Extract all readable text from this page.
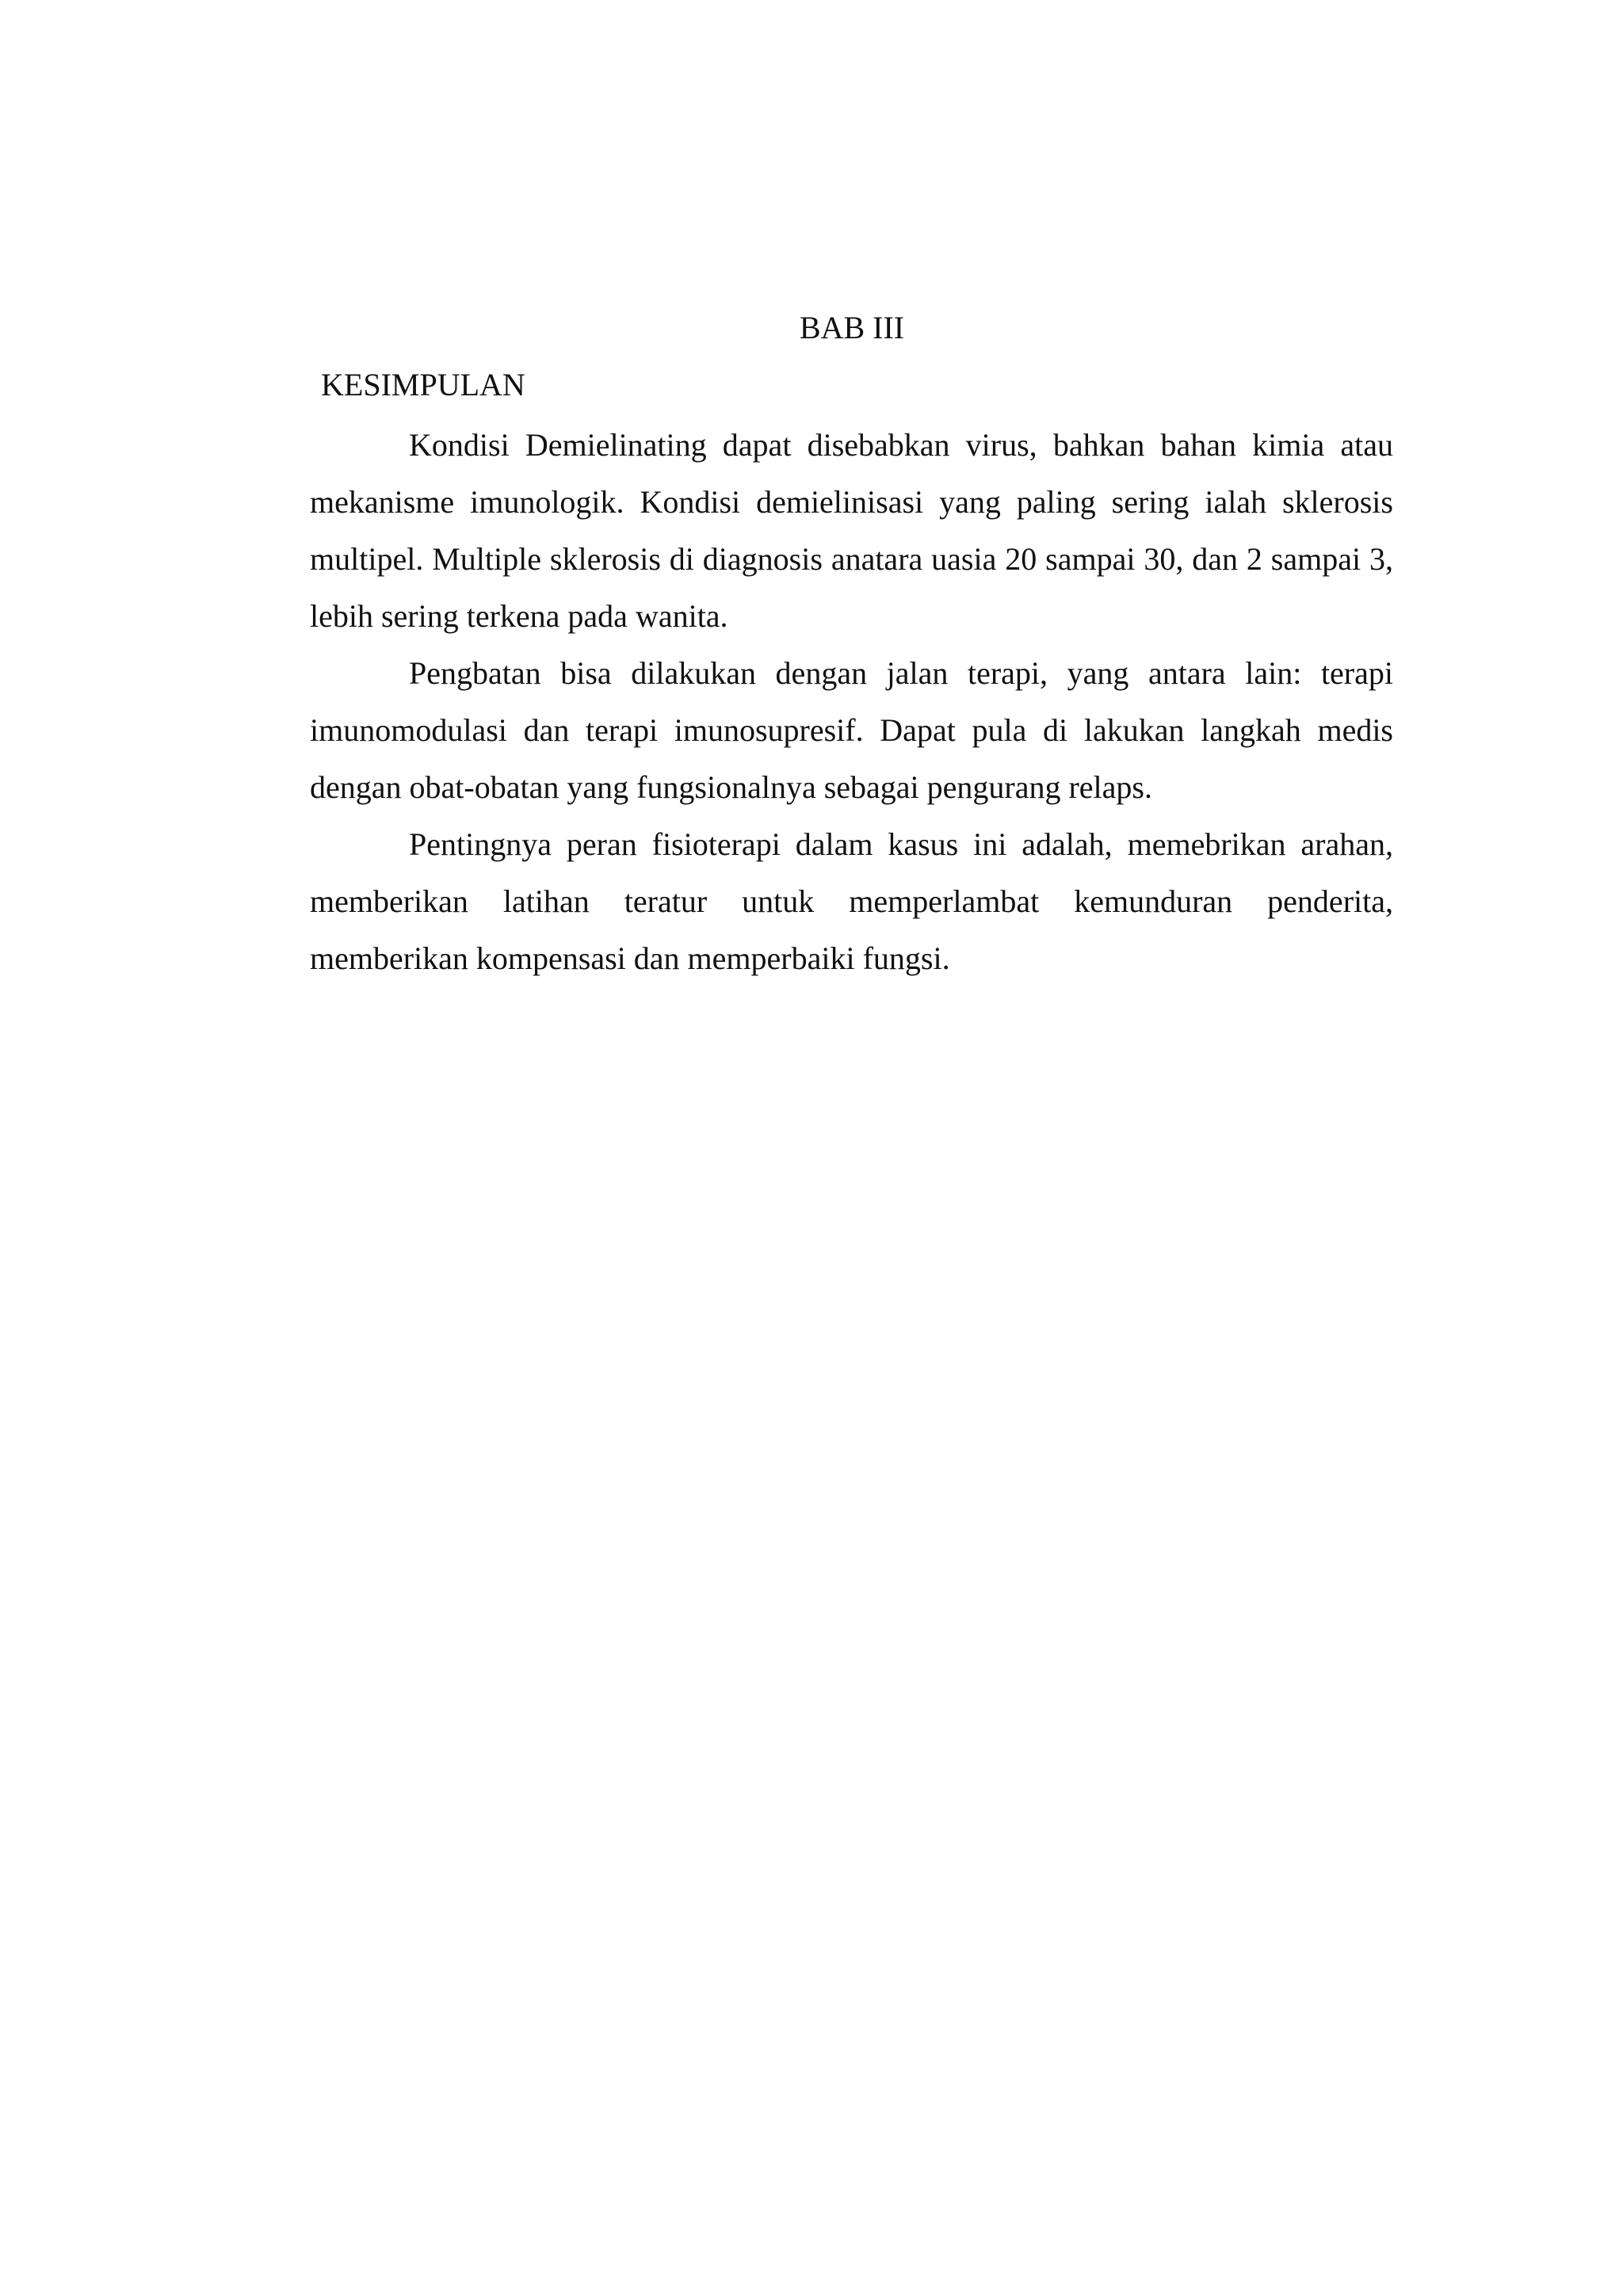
BAB III
KESIMPULAN

Kondisi Demielinating dapat disebabkan virus, bahkan bahan kimia atau mekanisme imunologik. Kondisi demielinisasi yang paling sering ialah sklerosis multipel. Multiple sklerosis di diagnosis anatara uasia 20 sampai 30, dan 2 sampai 3, lebih sering terkena pada wanita.

Pengbatan bisa dilakukan dengan jalan terapi, yang antara lain: terapi imunomodulasi dan terapi imunosupresif. Dapat pula di lakukan langkah medis dengan obat-obatan yang fungsionalnya sebagai pengurang relaps.

Pentingnya peran fisioterapi dalam kasus ini adalah, memebrikan arahan, memberikan latihan teratur untuk memperlambat kemunduran penderita, memberikan kompensasi dan memperbaiki fungsi.
